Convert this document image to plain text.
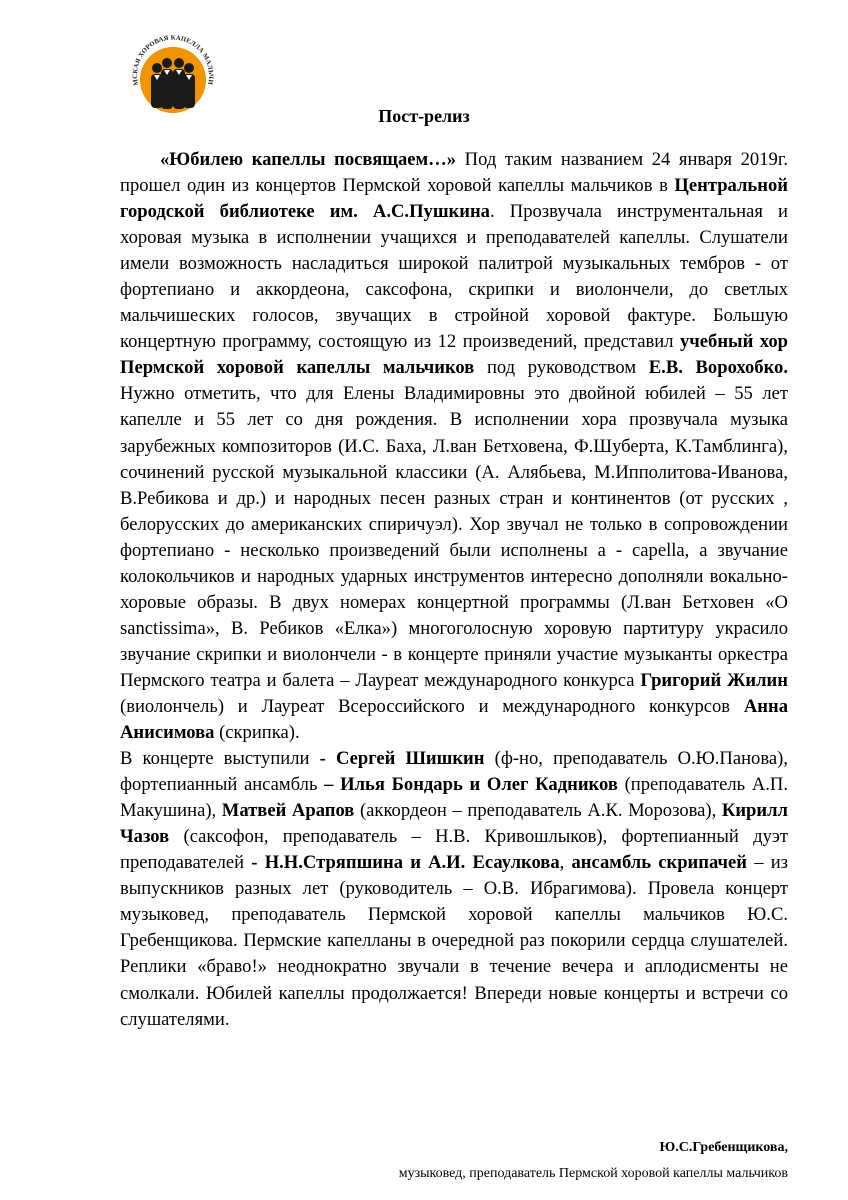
МСКАЯ ХОРОВАЯ КАПЕЛЛА МАЛЬЧИ
Пост-релиз

«Юбилею капеллы посвящаем…» Под таким названием 24 января 2019г. прошел один из концертов Пермской хоровой капеллы мальчиков в Центральной городской библиотеке им. А.С.Пушкина. Прозвучала инструментальная и хоровая музыка в исполнении учащихся и преподавателей капеллы. Слушатели имели возможность насладиться широкой палитрой музыкальных тембров - от фортепиано и аккордеона, саксофона, скрипки и виолончели, до светлых мальчишеских голосов, звучащих в стройной хоровой фактуре. Большую концертную программу, состоящую из 12 произведений, представил учебный хор Пермской хоровой капеллы мальчиков под руководством Е.В. Ворохобко. Нужно отметить, что для Елены Владимировны это двойной юбилей – 55 лет капелле и 55 лет со дня рождения. В исполнении хора прозвучала музыка зарубежных композиторов (И.С. Баха, Л.ван Бетховена, Ф.Шуберта, К.Тамблинга), сочинений русской музыкальной классики (А. Алябьева, М.Ипполитова-Иванова, В.Ребикова и др.) и народных песен разных стран и континентов (от русских , белорусских до американских спиричуэл). Хор звучал не только в сопровождении фортепиано - несколько произведений были исполнены а - capella, а звучание колокольчиков и народных ударных инструментов интересно дополняли вокально-хоровые образы. В двух номерах концертной программы (Л.ван Бетховен «O sanctissima», В. Ребиков «Елка») многоголосную хоровую партитуру украсило звучание скрипки и виолончели - в концерте приняли участие музыканты оркестра Пермского театра и балета – Лауреат международного конкурса Григорий Жилин (виолончель) и Лауреат Всероссийского и международного конкурсов Анна Анисимова (скрипка).

В концерте выступили - Сергей Шишкин (ф-но, преподаватель О.Ю.Панова), фортепианный ансамбль – Илья Бондарь и Олег Кадников (преподаватель А.П. Макушина), Матвей Арапов (аккордеон – преподаватель А.К. Морозова), Кирилл Чазов (саксофон, преподаватель – Н.В. Кривошлыков), фортепианный дуэт преподавателей - Н.Н.Стряпшина и А.И. Есаулкова, ансамбль скрипачей – из выпускников разных лет (руководитель – О.В. Ибрагимова). Провела концерт музыковед, преподаватель Пермской хоровой капеллы мальчиков Ю.С. Гребенщикова. Пермские капелланы в очередной раз покорили сердца слушателей. Реплики «браво!» неоднократно звучали в течение вечера и аплодисменты не смолкали. Юбилей капеллы продолжается! Впереди новые концерты и встречи со слушателями.

Ю.С.Гребенщикова,
музыковед, преподаватель Пермской хоровой капеллы мальчиков
